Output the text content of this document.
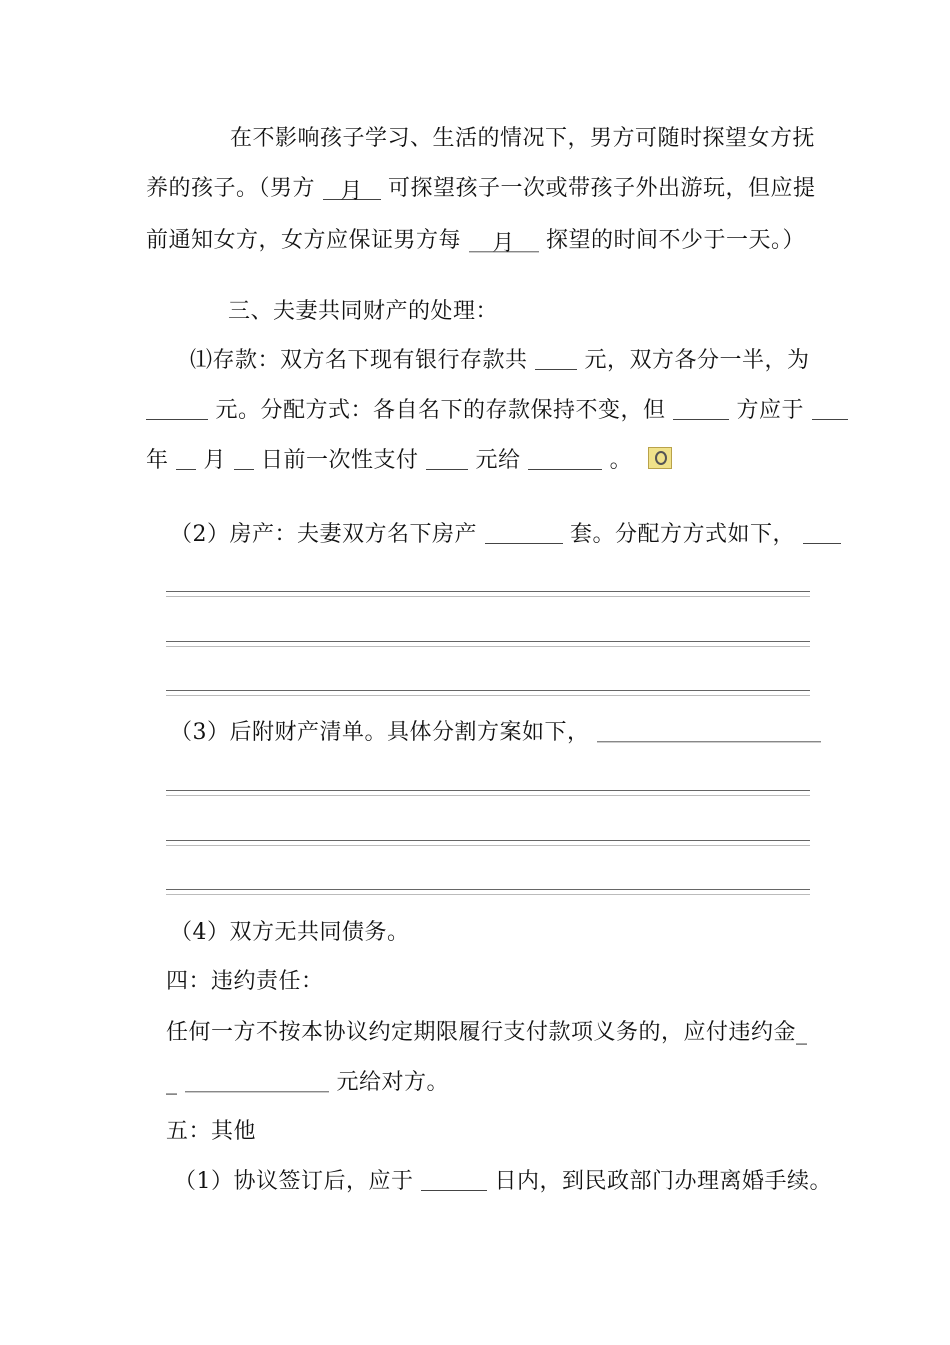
在不影响孩子学习、生活的情况下，男方可随时探望女方抚
养的孩子。（男方 月 可探望孩子一次或带孩子外出游玩，但应提
前通知女方，女方应保证男方每 月 探望的时间不少于一天。）
三、夫妻共同财产的处理：
⑴存款：双方名下现有银行存款共	元，双方各分一半，为
元。分配方式：各自名下的存款保持不变，但	方应于
年 月 日前一次性支付	元给	。
（2）房产：夫妻双方名下房产	套。分配方方式如下，
（3）后附财产清单。具体分割方案如下，
（4）双方无共同债务。
四：违约责任：
任何一方不按本协议约定期限履行支付款项义务的，应付违约金_
_	元给对方。
五：其他
（1）协议签订后，应于	日内，到民政部门办理离婚手续。
